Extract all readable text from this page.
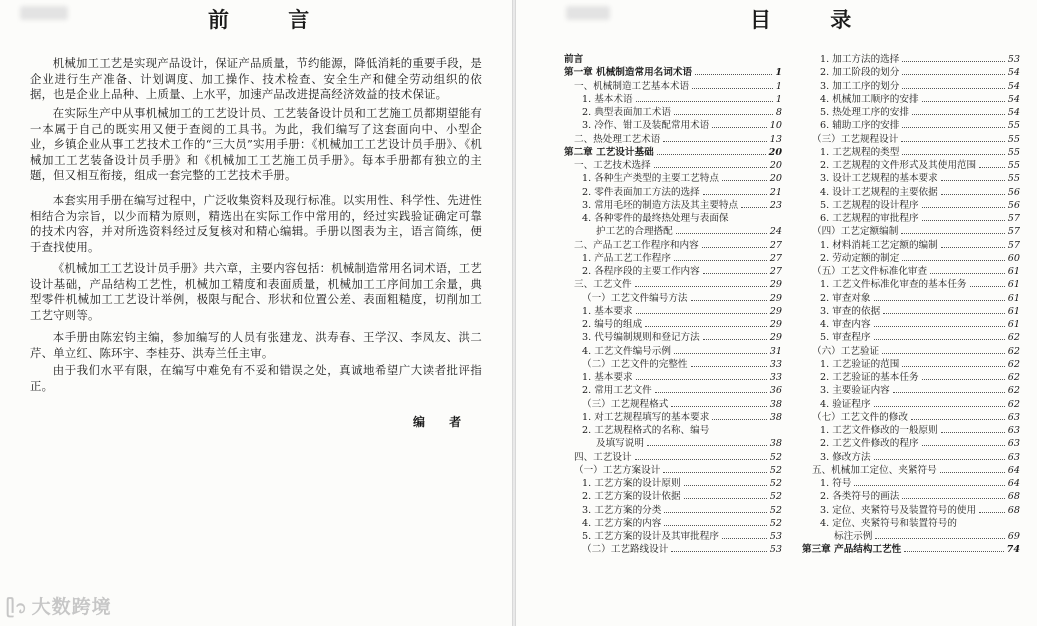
前 言

机械加工工艺是实现产品设计，保证产品质量，节约能源，降低消耗的重要手段，是企业进行生产准备、计划调度、加工操作、技术检查、安全生产和健全劳动组织的依据，也是企业上品种、上质量、上水平，加速产品改进提高经济效益的技术保证。

在实际生产中从事机械加工的工艺设计员、工艺装备设计员和工艺施工员都期望能有一本属于自己的既实用又便于查阅的工具书。为此，我们编写了这套面向中、小型企业，乡镇企业从事工艺技术工作的“三大员”实用手册：《机械加工工艺设计员手册》、《机械加工工艺装备设计员手册》和《机械加工工艺施工员手册》。每本手册都有独立的主题，但又相互衔接，组成一套完整的工艺技术手册。

本套实用手册在编写过程中，广泛收集资料及现行标准。以实用性、科学性、先进性相结合为宗旨，以少而精为原则，精选出在实际工作中常用的，经过实践验证确定可靠的技术内容，并对所选资料经过反复核对和精心编辑。手册以图表为主，语言简练，便于查找使用。

《机械加工工艺设计员手册》共六章，主要内容包括：机械制造常用名词术语，工艺设计基础，产品结构工艺性，机械加工精度和表面质量，机械加工工序间加工余量，典型零件机械加工工艺设计举例，极限与配合、形状和位置公差、表面粗糙度，切削加工工艺守则等。

本手册由陈宏钧主编，参加编写的人员有张建龙、洪寿春、王学汉、李凤友、洪二芹、单立红、陈环宇、李桂芬、洪寿兰任主审。

由于我们水平有限，在编写中难免有不妥和错误之处，真诚地希望广大读者批评指正。

编 者
目 录
前言
第一章 机械制造常用名词术语	1
一、机械制造工艺基本术语	1
1. 基本术语	1
2. 典型表面加工术语	8
3. 冷作、钳工及装配常用术语	10
二、热处理工艺术语	13
第二章 工艺设计基础	20
一、工艺技术选择	20
1. 各种生产类型的主要工艺特点	20
2. 零件表面加工方法的选择	21
3. 常用毛坯的制造方法及其主要特点	23
4. 各种零件的最终热处理与表面保
护工艺的合理搭配	24
二、产品工艺工作程序和内容	27
1. 产品工艺工作程序	27
2. 各程序段的主要工作内容	27
三、工艺文件	29
（一）工艺文件编号方法	29
1. 基本要求	29
2. 编号的组成	29
3. 代号编制规则和登记方法	29
4. 工艺文件编号示例	31
（二）工艺文件的完整性	33
1. 基本要求	33
2. 常用工艺文件	36
（三）工艺规程格式	38
1. 对工艺规程填写的基本要求	38
2. 工艺规程格式的名称、编号
及填写说明	38
四、工艺设计	52
（一）工艺方案设计	52
1. 工艺方案的设计原则	52
2. 工艺方案的设计依据	52
3. 工艺方案的分类	52
4. 工艺方案的内容	52
5. 工艺方案的设计及其审批程序	53
（二）工艺路线设计	53
1. 加工方法的选择	53
2. 加工阶段的划分	54
3. 加工工序的划分	54
4. 机械加工顺序的安排	54
5. 热处理工序的安排	54
6. 辅助工序的安排	55
（三）工艺规程设计	55
1. 工艺规程的类型	55
2. 工艺规程的文件形式及其使用范围	55
3. 设计工艺规程的基本要求	55
4. 设计工艺规程的主要依据	56
5. 工艺规程的设计程序	56
6. 工艺规程的审批程序	57
（四）工艺定额编制	57
1. 材料消耗工艺定额的编制	57
2. 劳动定额的制定	60
（五）工艺文件标准化审查	61
1. 工艺文件标准化审查的基本任务	61
2. 审查对象	61
3. 审查的依据	61
4. 审查内容	61
5. 审查程序	62
（六）工艺验证	62
1. 工艺验证的范围	62
2. 工艺验证的基本任务	62
3. 主要验证内容	62
4. 验证程序	62
（七）工艺文件的修改	63
1. 工艺文件修改的一般原则	63
2. 工艺文件修改的程序	63
3. 修改方法	63
五、机械加工定位、夹紧符号	64
1. 符号	64
2. 各类符号的画法	68
3. 定位、夹紧符号及装置符号的使用	68
4. 定位、夹紧符号和装置符号的
标注示例	69
第三章 产品结构工艺性	74
ᥫ᭡ 大数跨境
